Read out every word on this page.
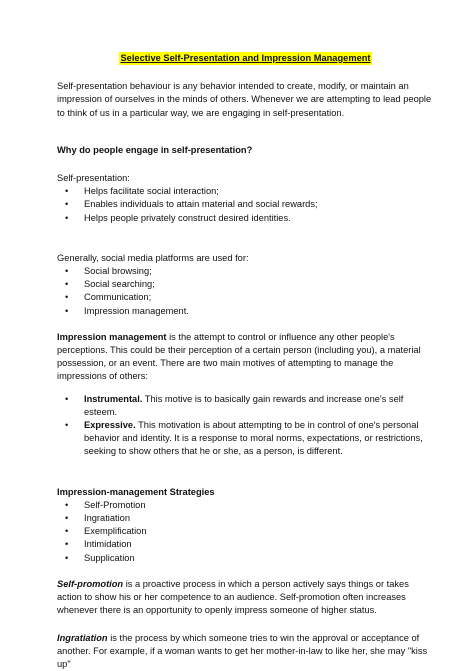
Selective Self-Presentation and Impression Management

Self-presentation behaviour is any behavior intended to create, modify, or maintain an impression of ourselves in the minds of others. Whenever we are attempting to lead people to think of us in a particular way, we are engaging in self-presentation.

Why do people engage in self-presentation?

Self-presentation:

• Helps facilitate social interaction;
• Enables individuals to attain material and social rewards;
• Helps people privately construct desired identities.

Generally, social media platforms are used for:

• Social browsing;
• Social searching;
• Communication;
• Impression management.

Impression management is the attempt to control or influence any other people's perceptions. This could be their perception of a certain person (including you), a material possession, or an event. There are two main motives of attempting to manage the impressions of others:

• Instrumental. This motive is to basically gain rewards and increase one's self esteem.
• Expressive. This motivation is about attempting to be in control of one's personal behavior and identity. It is a response to moral norms, expectations, or restrictions, seeking to show others that he or she, as a person, is different.

Impression-management Strategies

• Self-Promotion
• Ingratiation
• Exemplification
• Intimidation
• Supplication

Self-promotion is a proactive process in which a person actively says things or takes action to show his or her competence to an audience. Self-promotion often increases whenever there is an opportunity to openly impress someone of higher status.

Ingratiation is the process by which someone tries to win the approval or acceptance of another. For example, if a woman wants to get her mother-in-law to like her, she may "kiss up"
